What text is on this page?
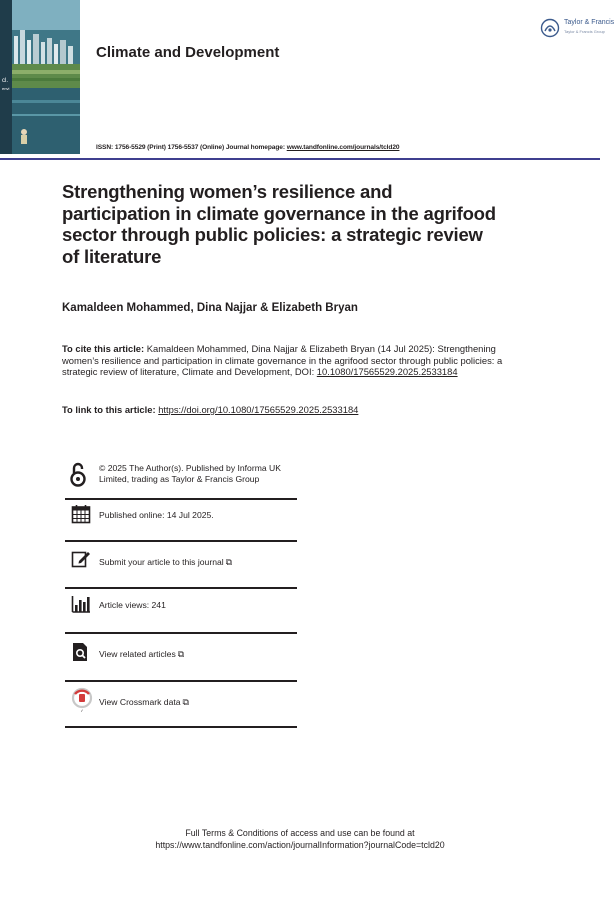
cl.
envi
Climate and Development
Taylor & Francis
Taylor & Francis Group
ISSN: 1756-5529 (Print) 1756-5537 (Online) Journal homepage: www.tandfonline.com/journals/tcld20
Strengthening women’s resilience and participation in climate governance in the agrifood sector through public policies: a strategic review of literature
Kamaldeen Mohammed, Dina Najjar & Elizabeth Bryan
To cite this article: Kamaldeen Mohammed, Dina Najjar & Elizabeth Bryan (14 Jul 2025): Strengthening women’s resilience and participation in climate governance in the agrifood sector through public policies: a strategic review of literature, Climate and Development, DOI: 10.1080/17565529.2025.2533184
To link to this article: https://doi.org/10.1080/17565529.2025.2533184
© 2025 The Author(s). Published by Informa UK Limited, trading as Taylor & Francis Group
Published online: 14 Jul 2025.
Submit your article to this journal ⧉
Article views: 241
View related articles ⧉
✓
View Crossmark data ⧉
Full Terms & Conditions of access and use can be found at
https://www.tandfonline.com/action/journalInformation?journalCode=tcld20
